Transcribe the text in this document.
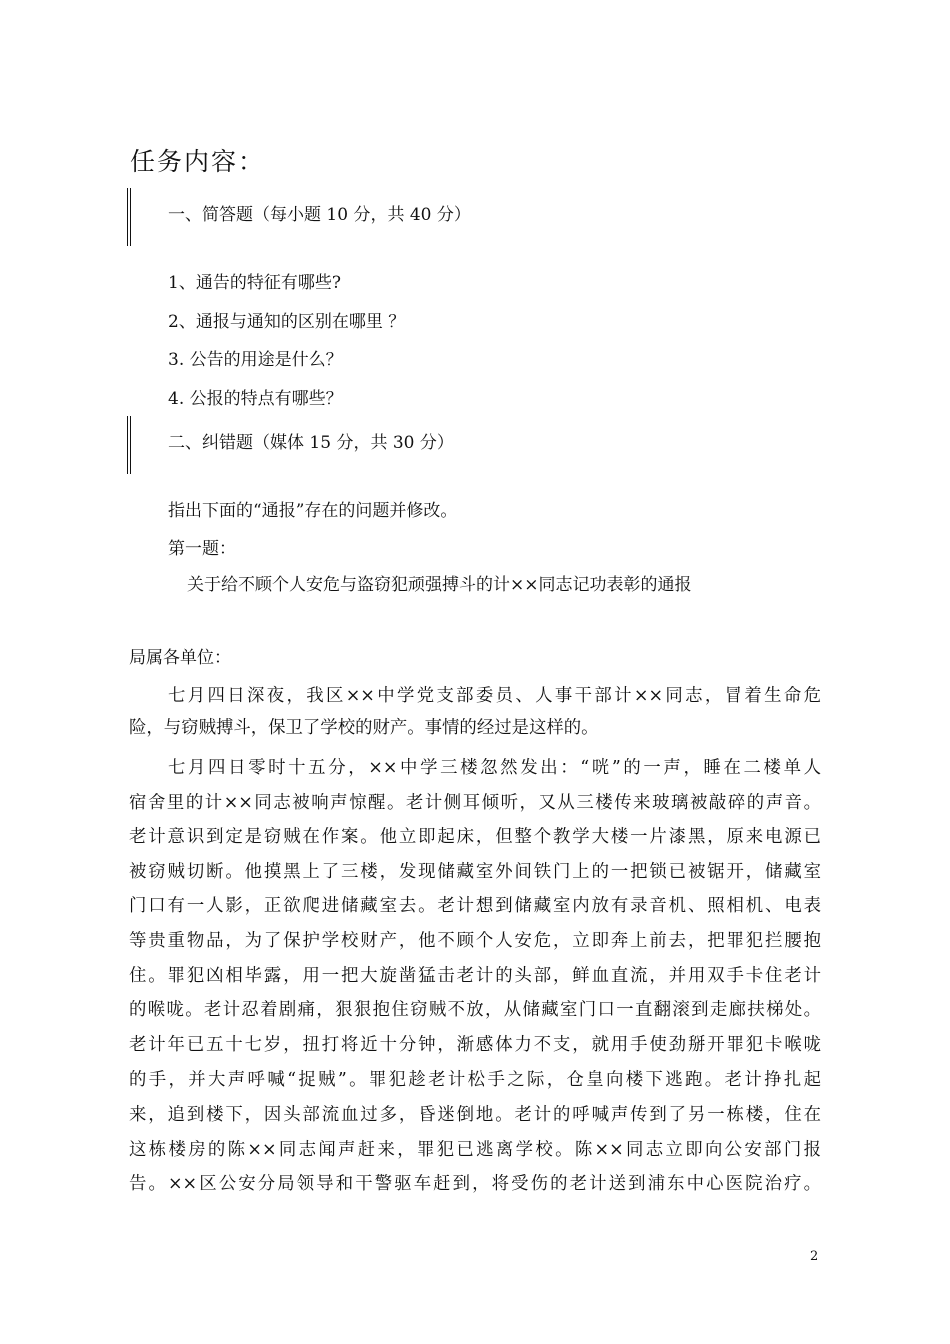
任务内容：
一、简答题（每小题 10 分，共 40 分）
1、通告的特征有哪些?
2、通报与通知的区别在哪里 ？
3. 公告的用途是什么？
4. 公报的特点有哪些？
二、纠错题（媒体 15 分，共 30 分）
指出下面的“通报”存在的问题并修改。
第一题：
关于给不顾个人安危与盗窃犯顽强搏斗的计××同志记功表彰的通报
局属各单位：
七月四日深夜，我区××中学党支部委员、人事干部计××同志，冒着生命危
险，与窃贼搏斗，保卫了学校的财产。事情的经过是这样的。
七月四日零时十五分，××中学三楼忽然发出：“咣”的一声，睡在二楼单人
宿舍里的计××同志被响声惊醒。老计侧耳倾听，又从三楼传来玻璃被敲碎的声音。
老计意识到定是窃贼在作案。他立即起床，但整个教学大楼一片漆黑，原来电源已
被窃贼切断。他摸黑上了三楼，发现储藏室外间铁门上的一把锁已被锯开，储藏室
门口有一人影，正欲爬进储藏室去。老计想到储藏室内放有录音机、照相机、电表
等贵重物品，为了保护学校财产，他不顾个人安危，立即奔上前去，把罪犯拦腰抱
住。罪犯凶相毕露，用一把大旋凿猛击老计的头部，鲜血直流，并用双手卡住老计
的喉咙。老计忍着剧痛，狠狠抱住窃贼不放，从储藏室门口一直翻滚到走廊扶梯处。
老计年已五十七岁，扭打将近十分钟，渐感体力不支，就用手使劲掰开罪犯卡喉咙
的手，并大声呼喊“捉贼”。罪犯趁老计松手之际，仓皇向楼下逃跑。老计挣扎起
来，追到楼下，因头部流血过多，昏迷倒地。老计的呼喊声传到了另一栋楼，住在
这栋楼房的陈××同志闻声赶来，罪犯已逃离学校。陈××同志立即向公安部门报
告。××区公安分局领导和干警驱车赶到，将受伤的老计送到浦东中心医院治疗。
2
